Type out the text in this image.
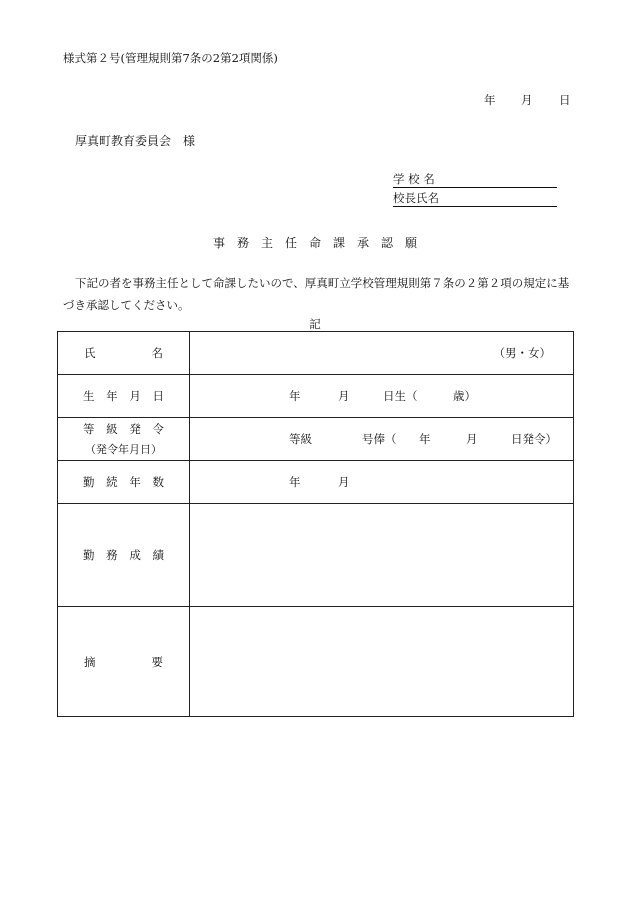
様式第２号(管理規則第7条の2第2項関係)
年	月	日
厚真町教育委員会　様
学 校 名
校長氏名
事　務　主　任　命　課　承　認　願
下記の者を事務主任として命課したいので、厚真町立学校管理規則第７条の２第２項の規定に基づき承認してください。
記
氏 名	（男・女）

生 年 月 日	年 月 日生（ 歳）

等 級 発 令
（発令年月日）	等級 号俸（ 年 月 日発令）

勤 続 年 数	年 月

勤 務 成 績	

摘 要	
